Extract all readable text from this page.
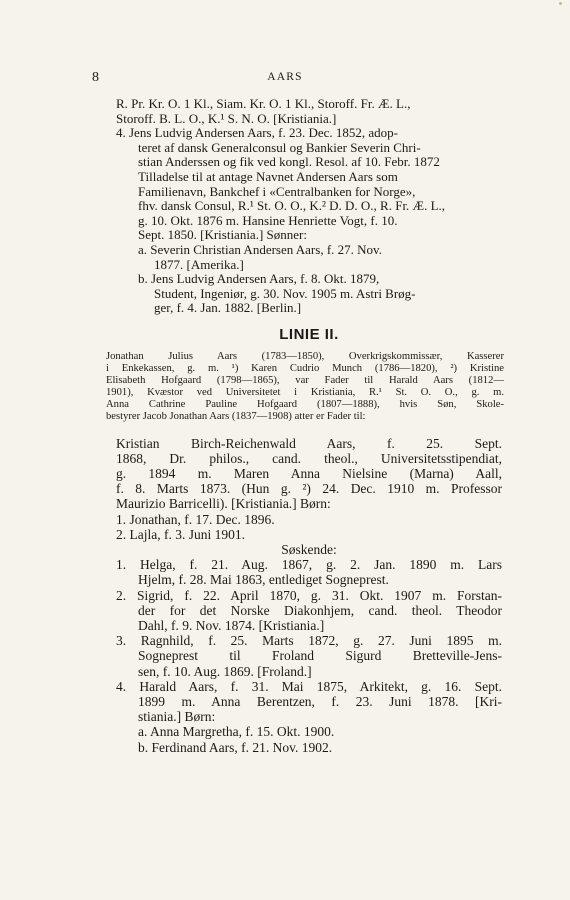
8	AARS
R. Pr. Kr. O. 1 Kl., Siam. Kr. O. 1 Kl., Storoff. Fr. Æ. L.,
Storoff. B. L. O., K.¹ S. N. O. [Kristiania.]
4. Jens Ludvig Andersen Aars, f. 23. Dec. 1852, adop-
teret af dansk Generalconsul og Bankier Severin Chri-
stian Anderssen og fik ved kongl. Resol. af 10. Febr. 1872
Tilladelse til at antage Navnet Andersen Aars som
Familienavn, Bankchef i «Centralbanken for Norge»,
fhv. dansk Consul, R.¹ St. O. O., K.² D. D. O., R. Fr. Æ. L.,
g. 10. Okt. 1876 m. Hansine Henriette Vogt, f. 10.
Sept. 1850. [Kristiania.] Sønner:
a. Severin Christian Andersen Aars, f. 27. Nov.
1877. [Amerika.]
b. Jens Ludvig Andersen Aars, f. 8. Okt. 1879,
Student, Ingeniør, g. 30. Nov. 1905 m. Astri Brøg-
ger, f. 4. Jan. 1882. [Berlin.]
LINIE II.
Jonathan Julius Aars (1783—1850), Overkrigskommissær, Kasserer
i Enkekassen, g. m. ¹) Karen Cudrio Munch (1786—1820), ²) Kristine
Elisabeth Hofgaard (1798—1865), var Fader til Harald Aars (1812—
1901), Kvæstor ved Universitetet i Kristiania, R.¹ St. O. O., g. m.
Anna Cathrine Pauline Hofgaard (1807—1888), hvis Søn, Skole-
bestyrer Jacob Jonathan Aars (1837—1908) atter er Fader til:
Kristian Birch-Reichenwald Aars, f. 25. Sept.
1868, Dr. philos., cand. theol., Universitetsstipendiat,
g. 1894 m. Maren Anna Nielsine (Marna) Aall,
f. 8. Marts 1873. (Hun g. ²) 24. Dec. 1910 m. Professor
Maurizio Barricelli). [Kristiania.] Børn:
1. Jonathan, f. 17. Dec. 1896.
2. Lajla, f. 3. Juni 1901.
Søskende:
1. Helga, f. 21. Aug. 1867, g. 2. Jan. 1890 m. Lars
Hjelm, f. 28. Mai 1863, entlediget Sogneprest.
2. Sigrid, f. 22. April 1870, g. 31. Okt. 1907 m. Forstan-
der for det Norske Diakonhjem, cand. theol. Theodor
Dahl, f. 9. Nov. 1874. [Kristiania.]
3. Ragnhild, f. 25. Marts 1872, g. 27. Juni 1895 m.
Sogneprest til Froland Sigurd Bretteville-Jens-
sen, f. 10. Aug. 1869. [Froland.]
4. Harald Aars, f. 31. Mai 1875, Arkitekt, g. 16. Sept.
1899 m. Anna Berentzen, f. 23. Juni 1878. [Kri-
stiania.] Børn:
a. Anna Margretha, f. 15. Okt. 1900.
b. Ferdinand Aars, f. 21. Nov. 1902.
